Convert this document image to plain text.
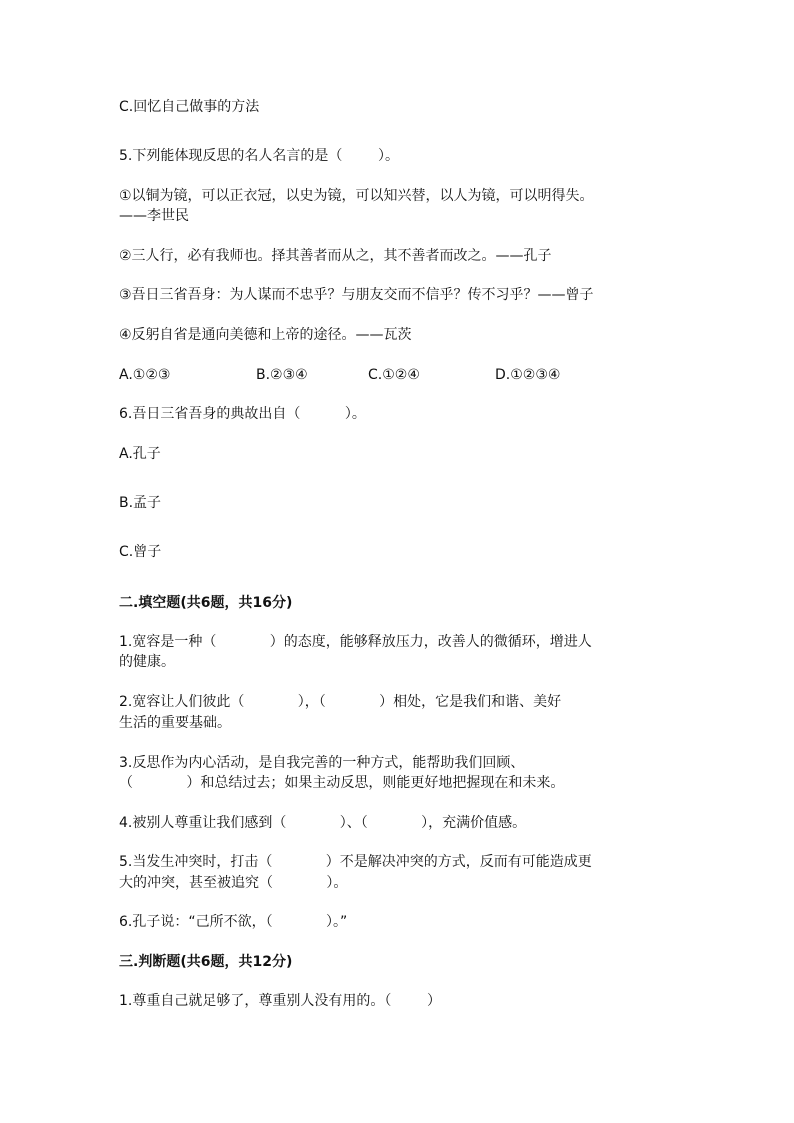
C.回忆自己做事的方法
5.下列能体现反思的名人名言的是（        ）。
①以铜为镜，可以正衣冠，以史为镜，可以知兴替，以人为镜，可以明得失。
——李世民
②三人行，必有我师也。择其善者而从之，其不善者而改之。——孔子
③吾日三省吾身：为人谋而不忠乎？与朋友交而不信乎？传不习乎？——曾子
④反躬自省是通向美德和上帝的途径。——瓦茨
A.①②③	B.②③④	C.①②④	D.①②③④
6.吾日三省吾身的典故出自（          ）。
A.孔子
B.孟子
C.曾子
二.填空题(共6题，共16分)
1.宽容是一种（            ）的态度，能够释放压力，改善人的微循环，增进人
的健康。
2.宽容让人们彼此（            ），（            ）相处，它是我们和谐、美好
生活的重要基础。
3.反思作为内心活动，是自我完善的一种方式，能帮助我们回顾、
（            ）和总结过去；如果主动反思，则能更好地把握现在和未来。
4.被别人尊重让我们感到（            ）、（            ），充满价值感。
5.当发生冲突时，打击（            ）不是解决冲突的方式，反而有可能造成更
大的冲突，甚至被追究（            ）。
6.孔子说：“己所不欲，（            ）。”
三.判断题(共6题，共12分)
1.尊重自己就足够了，尊重别人没有用的。（        ）
